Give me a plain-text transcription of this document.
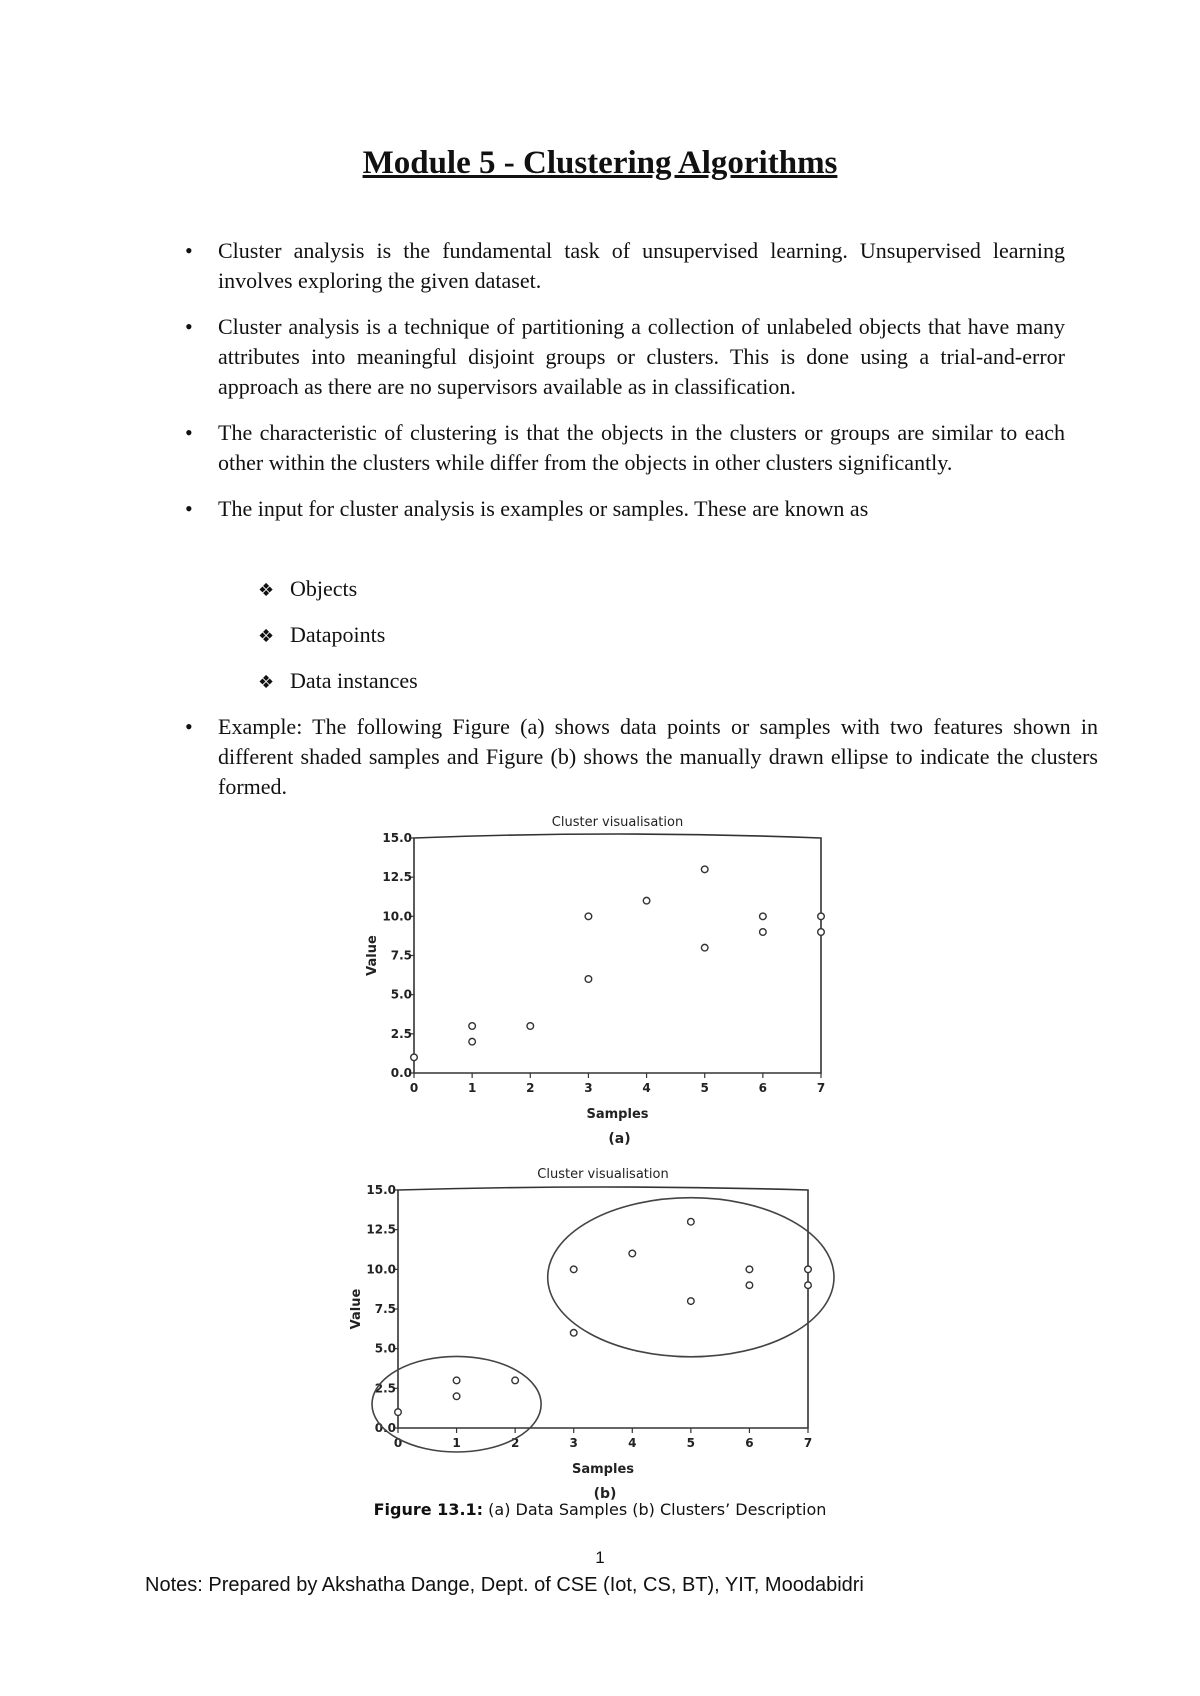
Module 5 - Clustering Algorithms
• Cluster analysis is the fundamental task of unsupervised learning. Unsupervised learning involves exploring the given dataset.
• Cluster analysis is a technique of partitioning a collection of unlabeled objects that have many attributes into meaningful disjoint groups or clusters. This is done using a trial-and-error approach as there are no supervisors available as in classification.
• The characteristic of clustering is that the objects in the clusters or groups are similar to each other within the clusters while differ from the objects in other clusters significantly.
• The input for cluster analysis is examples or samples. These are known as
❖ Objects
❖ Datapoints
❖ Data instances
• Example: The following Figure (a) shows data points or samples with two features shown in different shaded samples and Figure (b) shows the manually drawn ellipse to indicate the clusters formed.
Cluster visualisation
0.0
2.5
5.0
7.5
10.0
12.5
15.0
0	1	2	3	4	5	6	7
Samples
Value
(a)
Cluster visualisation
0.0
2.5
5.0
7.5
10.0
12.5
15.0
0	1	2	3	4	5	6	7
Samples
Value
(b)
Figure 13.1: (a) Data Samples (b) Clusters’ Description
1
Notes: Prepared by Akshatha Dange, Dept. of CSE (Iot, CS, BT), YIT, Moodabidri
